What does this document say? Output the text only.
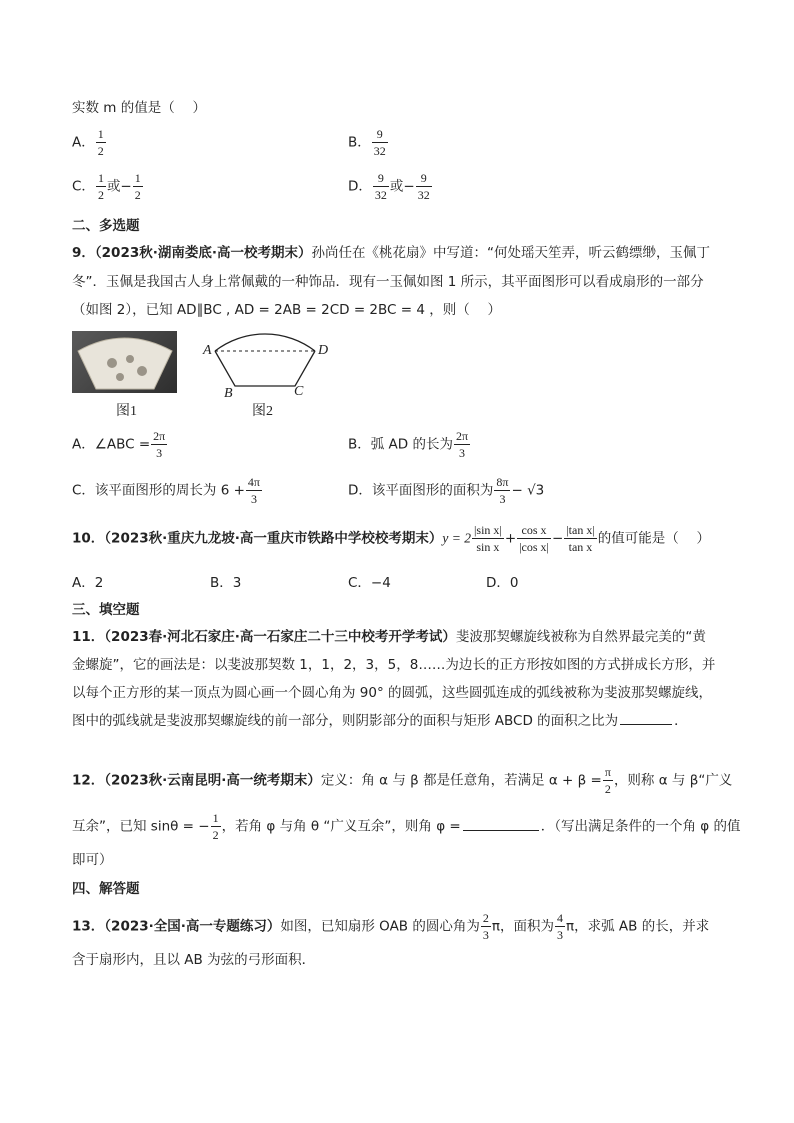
实数 m 的值是（　 ）
A． $\frac{1}{2}$	B． $\frac{9}{32}$
C． $\frac{1}{2}$ 或− $\frac{1}{2}$	D． $\frac{9}{32}$ 或− $\frac{9}{32}$
二、多选题
9．（2023秋·湖南娄底·高一校考期末）孙尚任在《桃花扇》中写道：“何处瑶天笙弄，听云鹤缥缈，玉佩丁
冬”．玉佩是我国古人身上常佩戴的一种饰品．现有一玉佩如图 1 所示，其平面图形可以看成扇形的一部分
（如图 2），已知 AD∥BC , AD = 2AB = 2CD = 2BC = 4 ，则（　 ）
图1
A	D
B	C
图2
A．∠ABC = $\frac{2\pi}{3}$	B．弧 AD 的长为 $\frac{2\pi}{3}$
C．该平面图形的周长为 $6 + \frac{4\pi}{3}$	D．该平面图形的面积为 $\frac{8\pi}{3} - √3$
10．（2023秋·重庆九龙坡·高一重庆市铁路中学校校考期末）$y = 2 \frac{\text{|sin x|}}{\text{sin x}} + \frac{\text{cos x}}{\text{|cos x|}} - \frac{\text{|tan x|}}{\text{tan x}}$ 的值可能是（　 ）
A．2	B．3	C．−4	D．0
三、填空题
11．（2023春·河北石家庄·高一石家庄二十三中校考开学考试）斐波那契螺旋线被称为自然界最完美的“黄
金螺旋”，它的画法是：以斐波那契数 1，1，2，3，5，8……为边长的正方形按如图的方式拼成长方形，并
以每个正方形的某一顶点为圆心画一个圆心角为 90° 的圆弧，这些圆弧连成的弧线被称为斐波那契螺旋线，
图中的弧线就是斐波那契螺旋线的前一部分，则阴影部分的面积与矩形 ABCD 的面积之比为	．
12．（2023秋·云南昆明·高一统考期末）定义：角 α 与 β 都是任意角，若满足 $\alpha + \beta = \frac{\pi}{2}$ ，则称 α 与 β“广义
互余”，已知 sinθ = − $\frac{1}{2}$ ，若角 φ 与角 θ “广义互余”，则角 φ =	．（写出满足条件的一个角 φ 的值
即可）
四、解答题
13．（2023·全国·高一专题练习）如图，已知扇形 OAB 的圆心角为 $\frac{2}{3}$ π，面积为 $\frac{4}{3}$ π，求弧 AB 的长，并求
含于扇形内，且以 AB 为弦的弓形面积．
